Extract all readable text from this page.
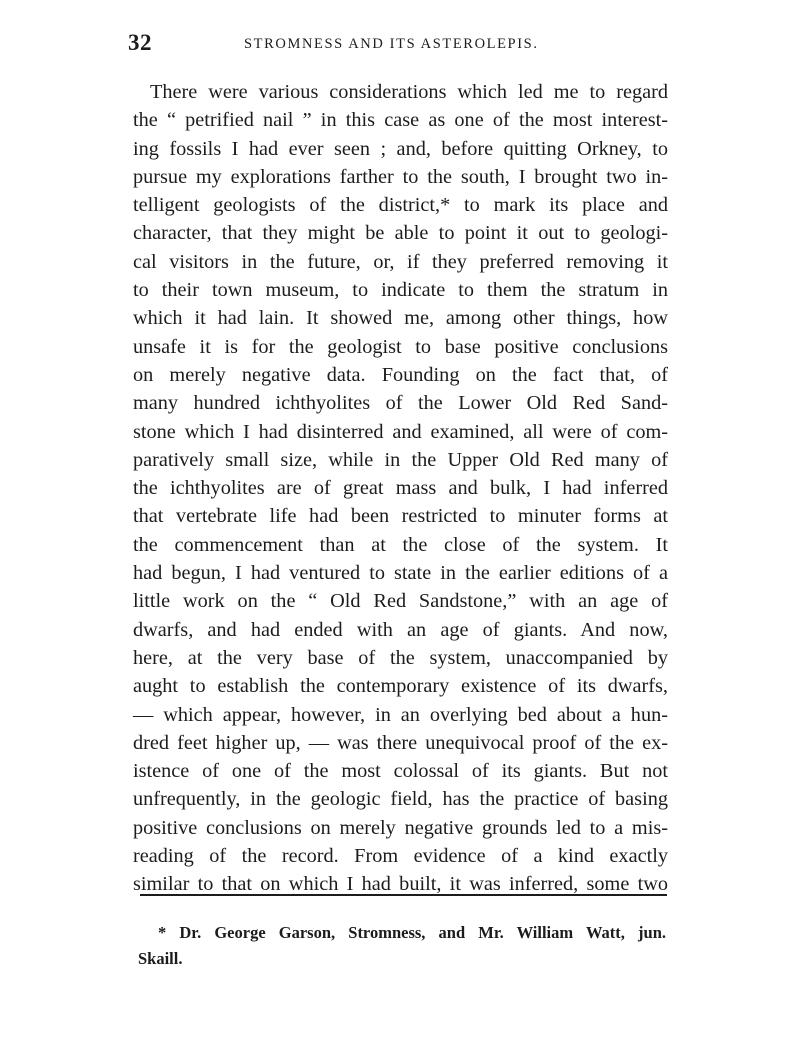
32	STROMNESS AND ITS ASTEROLEPIS.
There were various considerations which led me to regard
the “ petrified nail ” in this case as one of the most interest-
ing fossils I had ever seen ; and, before quitting Orkney, to
pursue my explorations farther to the south, I brought two in-
telligent geologists of the district,* to mark its place and
character, that they might be able to point it out to geologi-
cal visitors in the future, or, if they preferred removing it
to their town museum, to indicate to them the stratum in
which it had lain. It showed me, among other things, how
unsafe it is for the geologist to base positive conclusions
on merely negative data. Founding on the fact that, of
many hundred ichthyolites of the Lower Old Red Sand-
stone which I had disinterred and examined, all were of com-
paratively small size, while in the Upper Old Red many of
the ichthyolites are of great mass and bulk, I had inferred
that vertebrate life had been restricted to minuter forms at
the commencement than at the close of the system. It
had begun, I had ventured to state in the earlier editions of a
little work on the “ Old Red Sandstone,” with an age of
dwarfs, and had ended with an age of giants. And now,
here, at the very base of the system, unaccompanied by
aught to establish the contemporary existence of its dwarfs,
— which appear, however, in an overlying bed about a hun-
dred feet higher up, — was there unequivocal proof of the ex-
istence of one of the most colossal of its giants. But not
unfrequently, in the geologic field, has the practice of basing
positive conclusions on merely negative grounds led to a mis-
reading of the record. From evidence of a kind exactly
similar to that on which I had built, it was inferred, some two
* Dr. George Garson, Stromness, and Mr. William Watt, jun.
Skaill.
